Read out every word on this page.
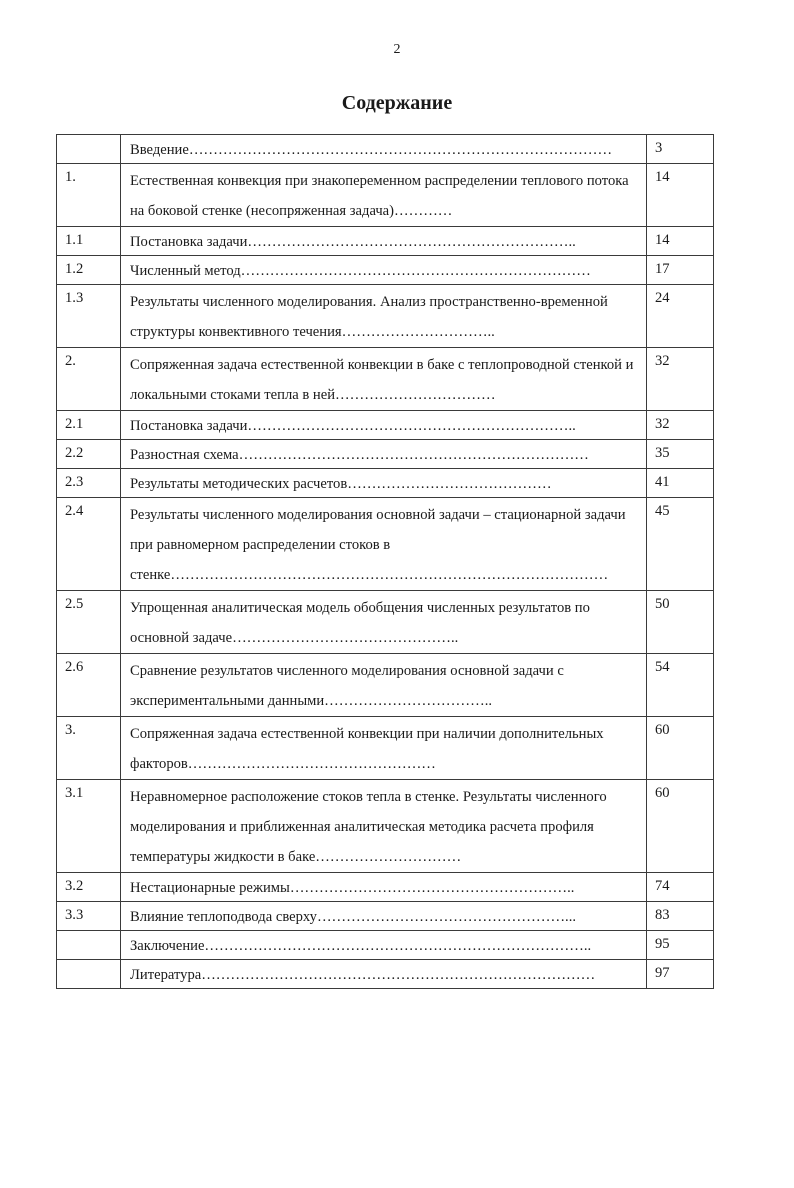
2
Содержание
	Введение……………………………………………………………………………	3
1.	Естественная конвекция при знакопеременном распределении теплового потока на боковой стенке (несопряженная задача)…………	14
1.1	Постановка задачи…………………………………………………………..	14
1.2	Численный метод………………………………………………………………	17
1.3	Результаты численного моделирования. Анализ пространственно-временной структуры конвективного течения…………………………..	24
2.	Сопряженная задача естественной конвекции в баке с теплопроводной стенкой и локальными стоками тепла в ней……………………………	32
2.1	Постановка задачи…………………………………………………………..	32
2.2	Разностная схема………………………………………………………………	35
2.3	Результаты методических расчетов……………………………………	41
2.4	Результаты численного моделирования основной задачи – стационарной задачи при равномерном распределении стоков в стенке………………………………………………………………………………	45
2.5	Упрощенная аналитическая модель обобщения численных результатов по основной задаче………………………………………..	50
2.6	Сравнение результатов численного моделирования основной задачи с экспериментальными данными……………………………..	54
3.	Сопряженная задача естественной конвекции при наличии дополнительных факторов……………………………………………	60
3.1	Неравномерное расположение стоков тепла в стенке. Результаты численного моделирования и приближенная аналитическая методика расчета профиля температуры жидкости в баке…………………………	60
3.2	Нестационарные режимы…………………………………………………..	74
3.3	Влияние теплоподвода сверху……………………………………………...	83
	Заключение……………………………………………………………………..	95
	Литература………………………………………………………………………	97
